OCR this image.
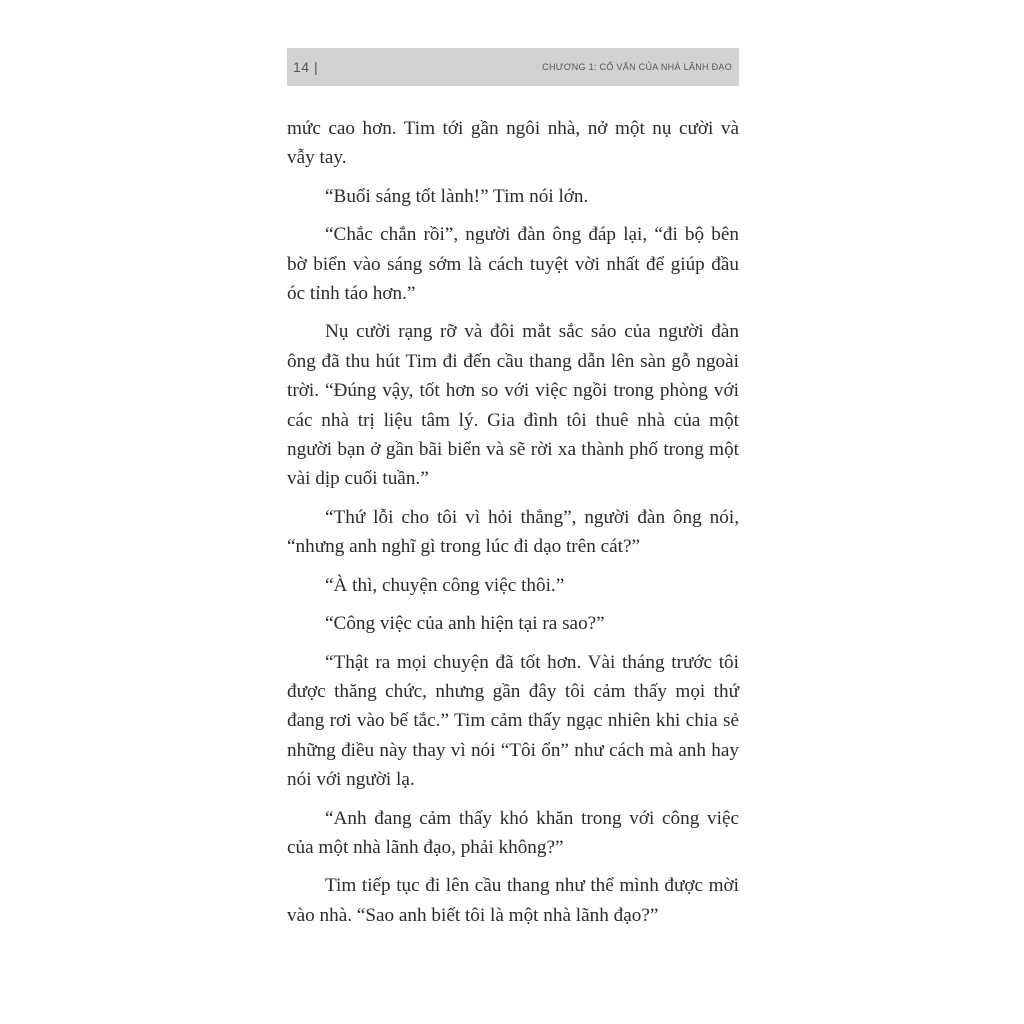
14 |	CHƯƠNG 1: CỐ VẤN CỦA NHÀ LÃNH ĐẠO

mức cao hơn. Tim tới gần ngôi nhà, nở một nụ cười và vẫy tay.

“Buổi sáng tốt lành!” Tim nói lớn.

“Chắc chắn rồi”, người đàn ông đáp lại, “đi bộ bên bờ biển vào sáng sớm là cách tuyệt vời nhất để giúp đầu óc tỉnh táo hơn.”

Nụ cười rạng rỡ và đôi mắt sắc sảo của người đàn ông đã thu hút Tim đi đến cầu thang dẫn lên sàn gỗ ngoài trời. “Đúng vậy, tốt hơn so với việc ngồi trong phòng với các nhà trị liệu tâm lý. Gia đình tôi thuê nhà của một người bạn ở gần bãi biển và sẽ rời xa thành phố trong một vài dịp cuối tuần.”

“Thứ lỗi cho tôi vì hỏi thẳng”, người đàn ông nói, “nhưng anh nghĩ gì trong lúc đi dạo trên cát?”

“À thì, chuyện công việc thôi.”

“Công việc của anh hiện tại ra sao?”

“Thật ra mọi chuyện đã tốt hơn. Vài tháng trước tôi được thăng chức, nhưng gần đây tôi cảm thấy mọi thứ đang rơi vào bế tắc.” Tim cảm thấy ngạc nhiên khi chia sẻ những điều này thay vì nói “Tôi ổn” như cách mà anh hay nói với người lạ.

“Anh đang cảm thấy khó khăn trong với công việc của một nhà lãnh đạo, phải không?”

Tim tiếp tục đi lên cầu thang như thể mình được mời vào nhà. “Sao anh biết tôi là một nhà lãnh đạo?”
